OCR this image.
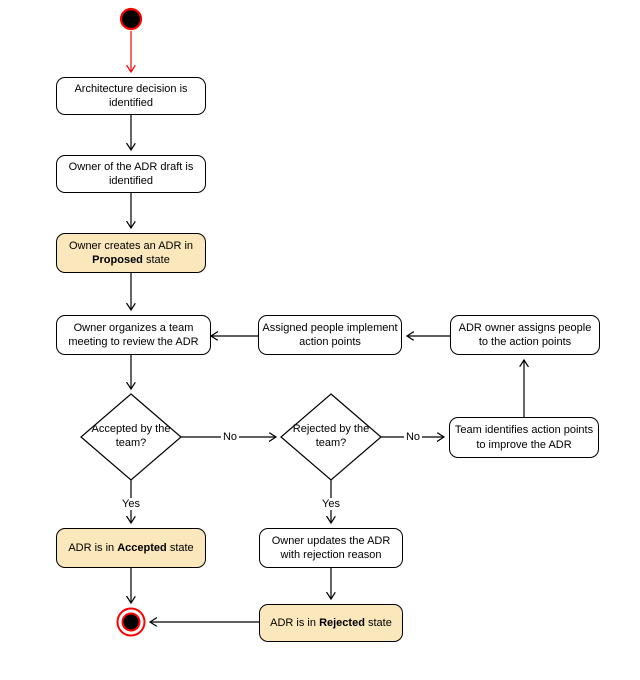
Architecture decision is identified
Owner of the ADR draft is identified
Owner creates an ADR in Proposed state
Owner organizes a team meeting to review the ADR
Assigned people implement action points
ADR owner assigns people to the action points
Team identifies action points to improve the ADR
ADR is in Accepted state
Owner updates the ADR with rejection reason
ADR is in Rejected state
Accepted by the team?
Rejected by the team?
No	No
Yes	Yes
